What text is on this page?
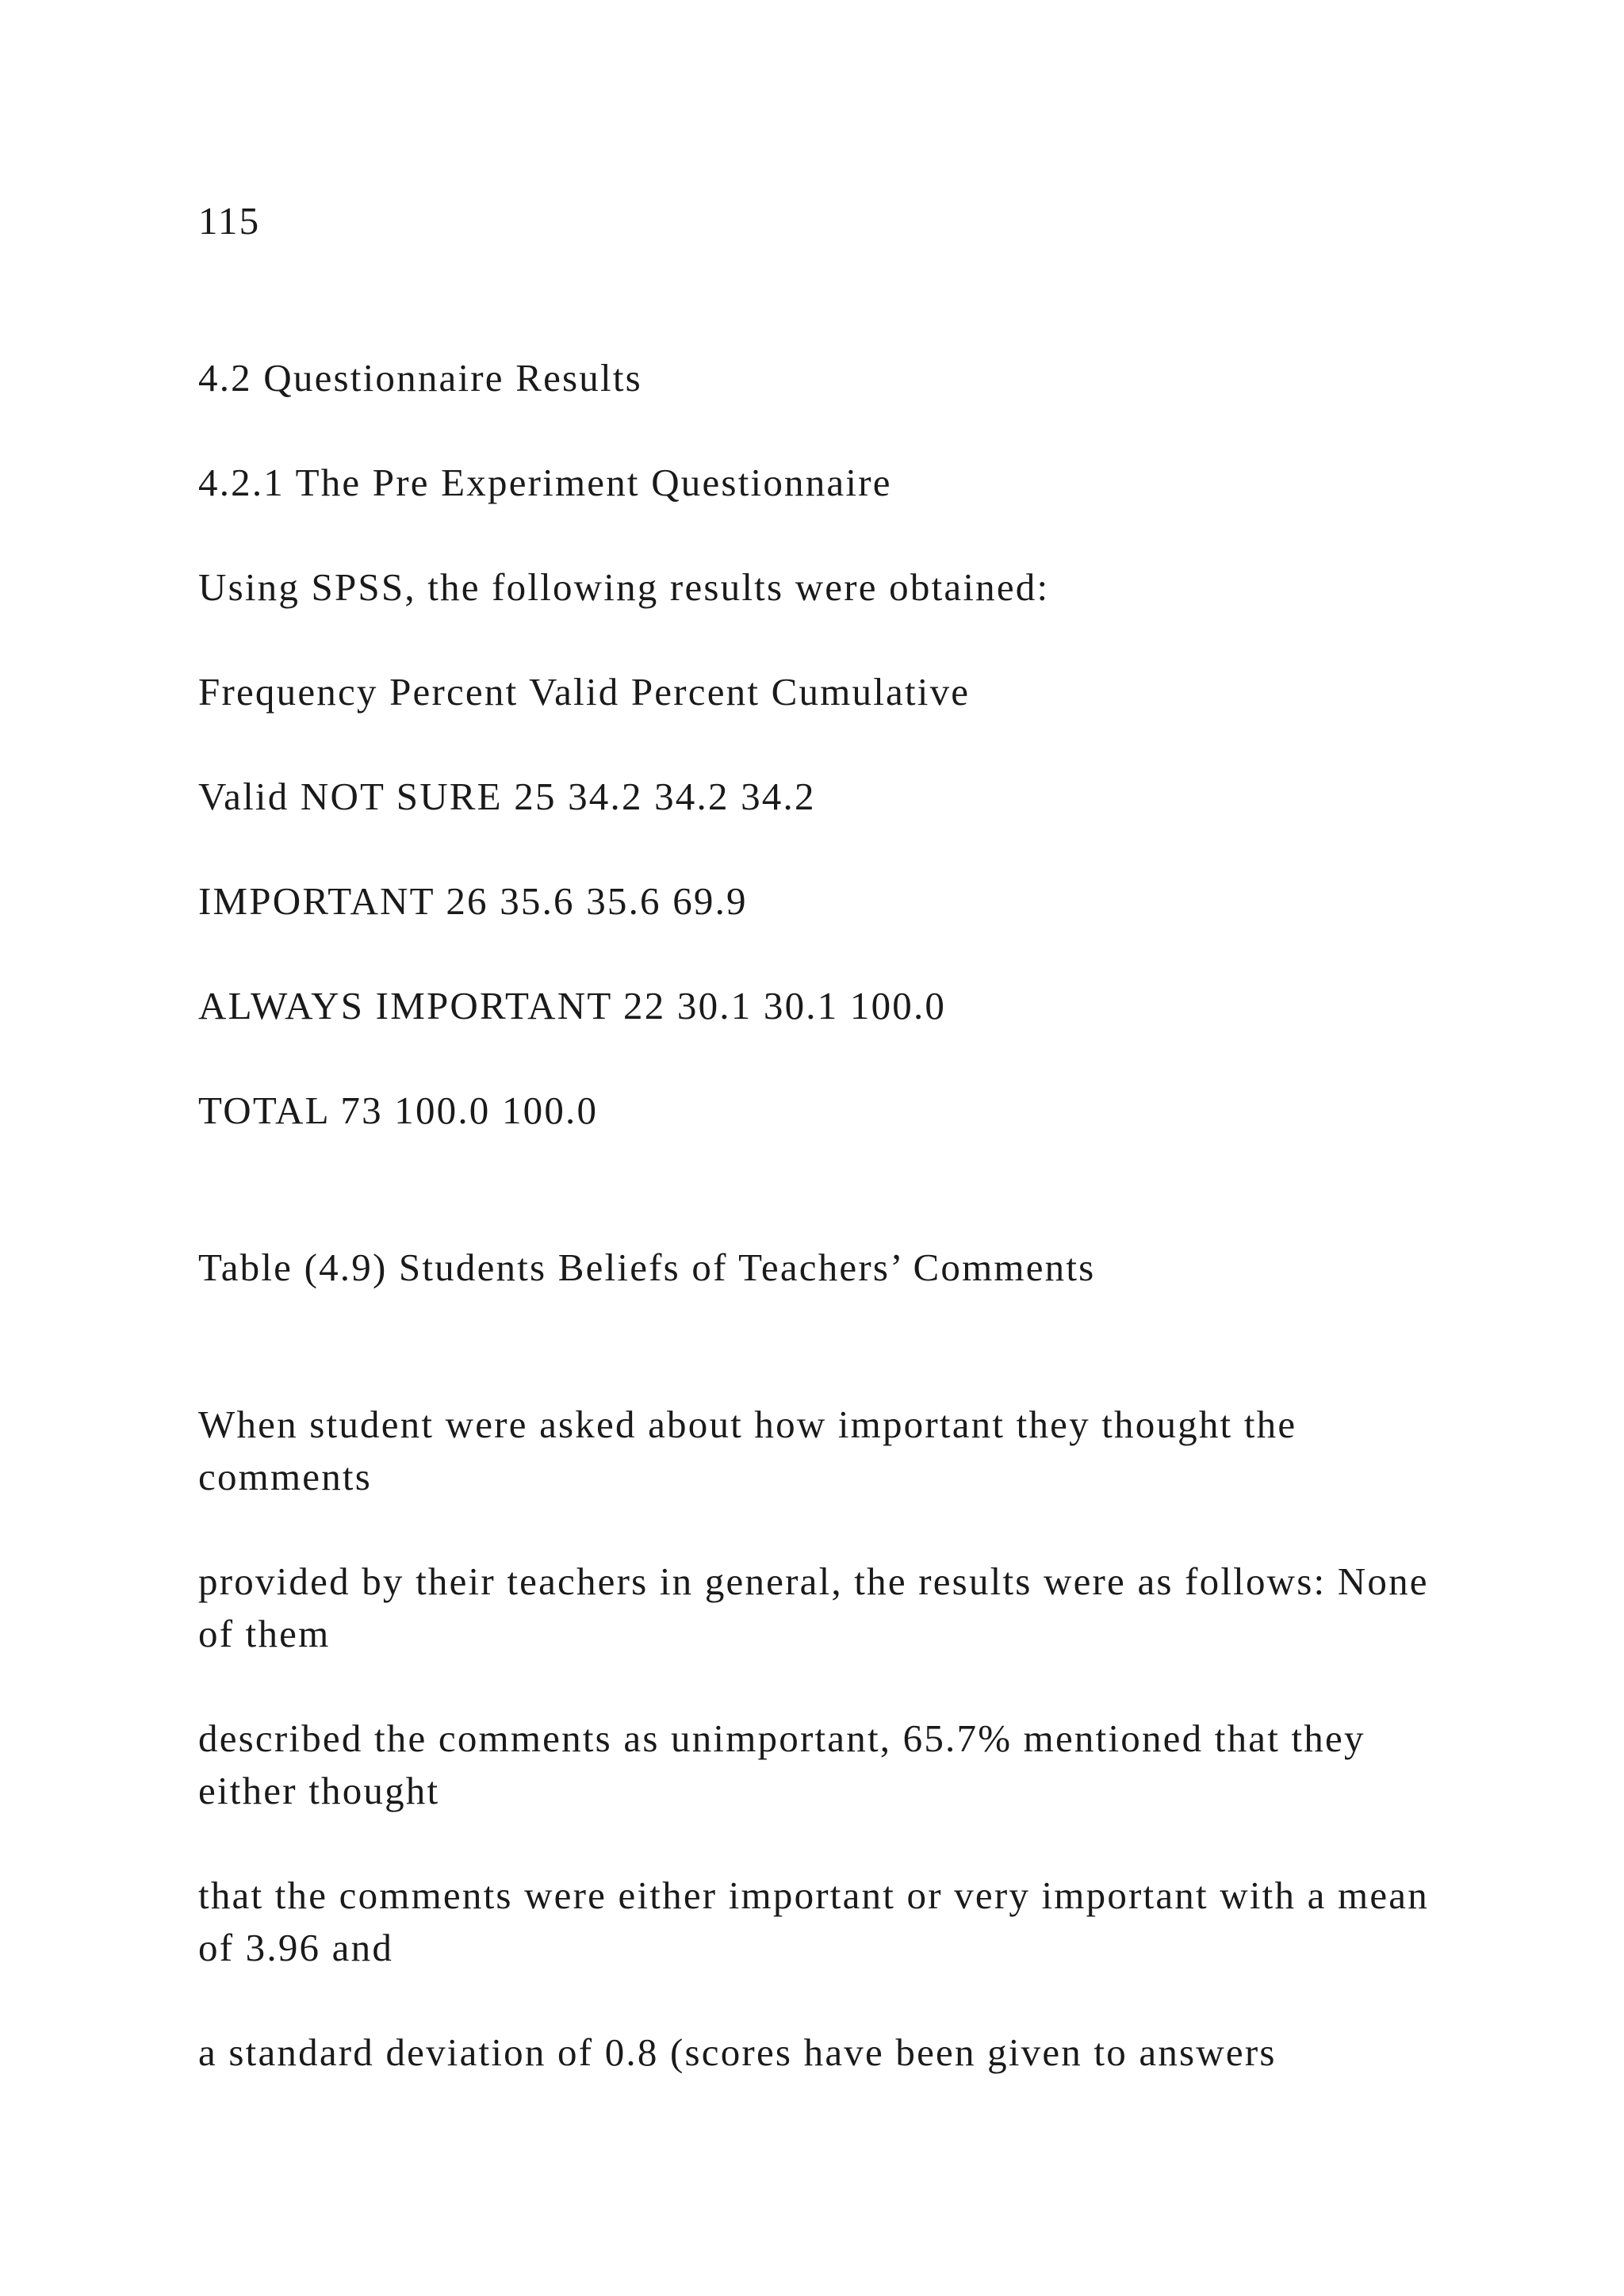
115

4.2 Questionnaire Results

4.2.1 The Pre Experiment Questionnaire

Using SPSS, the following results were obtained:

Frequency Percent Valid Percent Cumulative

Valid NOT SURE 25 34.2 34.2 34.2

IMPORTANT 26 35.6 35.6 69.9

ALWAYS IMPORTANT 22 30.1 30.1 100.0

TOTAL 73 100.0 100.0

Table (4.9) Students Beliefs of Teachers’ Comments

When student were asked about how important they thought the comments

provided by their teachers in general, the results were as follows: None of them

described the comments as unimportant, 65.7% mentioned that they either thought

that the comments were either important or very important with a mean of 3.96 and

a standard deviation of 0.8 (scores have been given to answers
